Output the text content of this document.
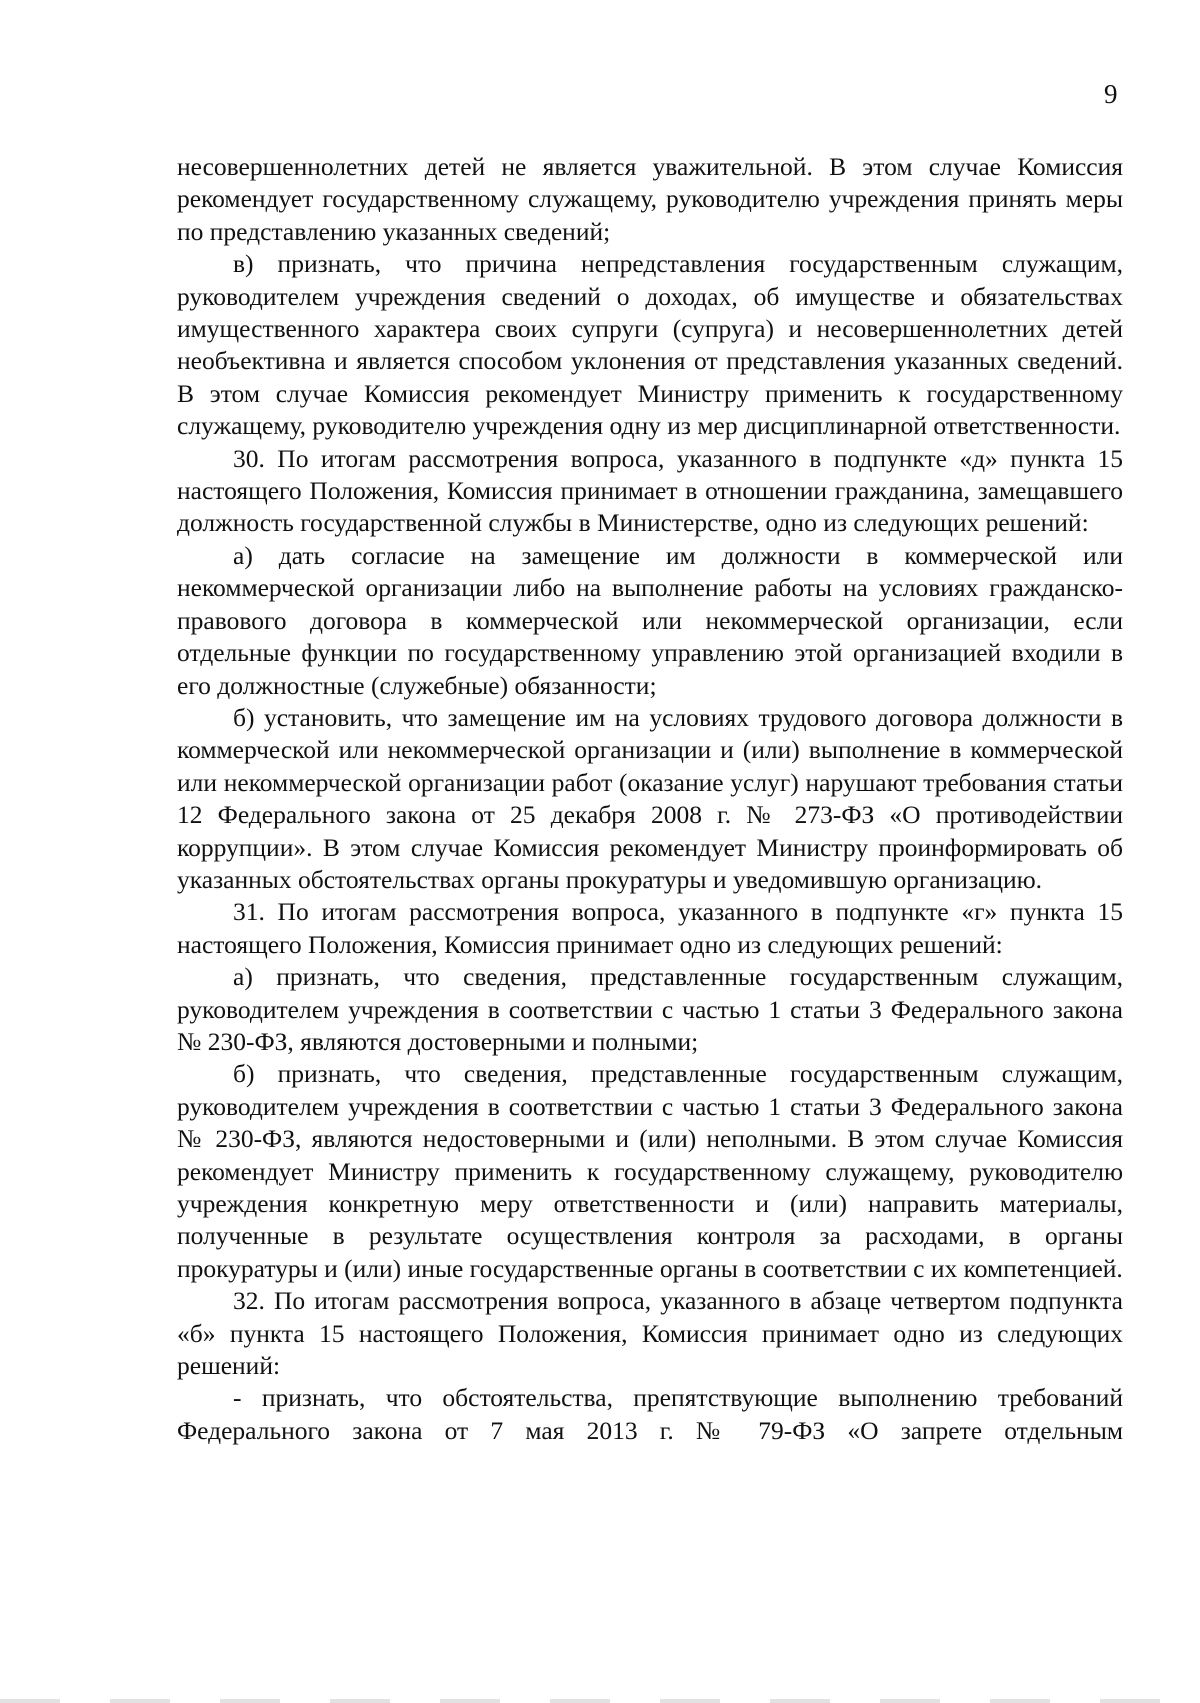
9

несовершеннолетних детей не является уважительной. В этом случае Комиссия рекомендует государственному служащему, руководителю учреждения принять меры по представлению указанных сведений;

в) признать, что причина непредставления государственным служащим, руководителем учреждения сведений о доходах, об имуществе и обязательствах имущественного характера своих супруги (супруга) и несовершеннолетних детей необъективна и является способом уклонения от представления указанных сведений. В этом случае Комиссия рекомендует Министру применить к государственному служащему, руководителю учреждения одну из мер дисциплинарной ответственности.

30. По итогам рассмотрения вопроса, указанного в подпункте «д» пункта 15 настоящего Положения, Комиссия принимает в отношении гражданина, замещавшего должность государственной службы в Министерстве, одно из следующих решений:

а) дать согласие на замещение им должности в коммерческой или некоммерческой организации либо на выполнение работы на условиях гражданско-правового договора в коммерческой или некоммерческой организации, если отдельные функции по государственному управлению этой организацией входили в его должностные (служебные) обязанности;

б) установить, что замещение им на условиях трудового договора должности в коммерческой или некоммерческой организации и (или) выполнение в коммерческой или некоммерческой организации работ (оказание услуг) нарушают требования статьи 12 Федерального закона от 25 декабря 2008 г. № 273-ФЗ «О противодействии коррупции». В этом случае Комиссия рекомендует Министру проинформировать об указанных обстоятельствах органы прокуратуры и уведомившую организацию.

31. По итогам рассмотрения вопроса, указанного в подпункте «г» пункта 15 настоящего Положения, Комиссия принимает одно из следующих решений:

а) признать, что сведения, представленные государственным служащим, руководителем учреждения в соответствии с частью 1 статьи 3 Федерального закона № 230-ФЗ, являются достоверными и полными;

б) признать, что сведения, представленные государственным служащим, руководителем учреждения в соответствии с частью 1 статьи 3 Федерального закона № 230-ФЗ, являются недостоверными и (или) неполными. В этом случае Комиссия рекомендует Министру применить к государственному служащему, руководителю учреждения конкретную меру ответственности и (или) направить материалы, полученные в результате осуществления контроля за расходами, в органы прокуратуры и (или) иные государственные органы в соответствии с их компетенцией.

32. По итогам рассмотрения вопроса, указанного в абзаце четвертом подпункта «б» пункта 15 настоящего Положения, Комиссия принимает одно из следующих решений:

- признать, что обстоятельства, препятствующие выполнению требований Федерального закона от 7 мая 2013 г. № 79-ФЗ «О запрете отдельным
